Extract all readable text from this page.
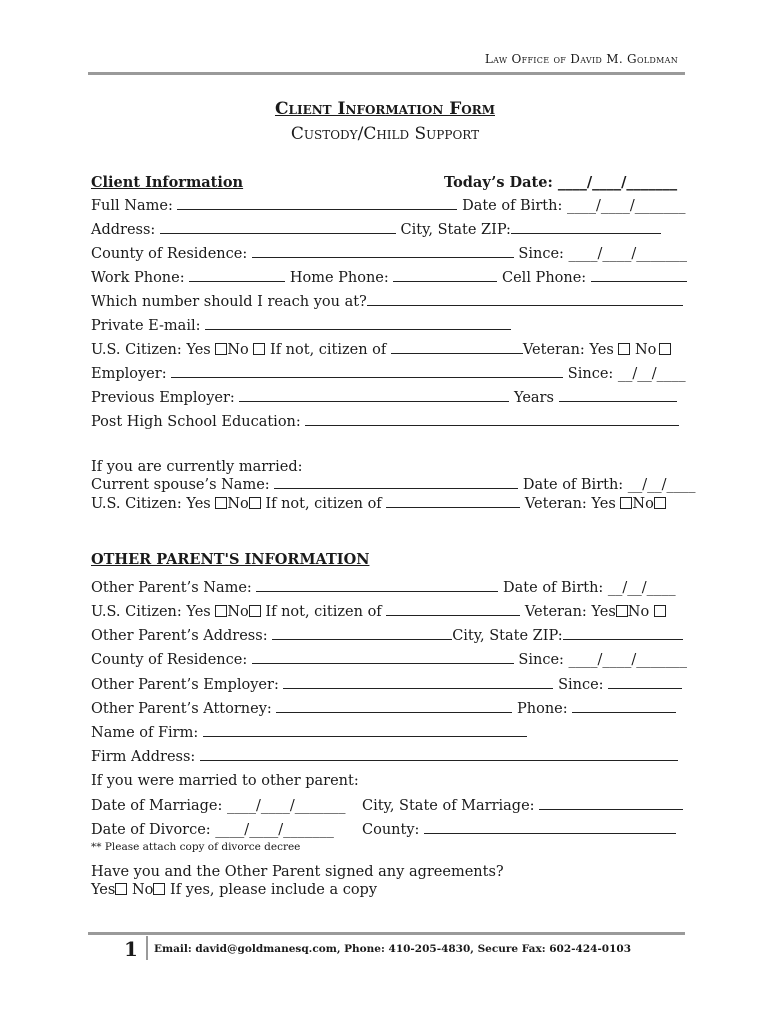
Law Office of David M. Goldman
Client Information Form
Custody/Child Support
Client Information	Today’s Date: ____/____/_______
Full Name:	Date of Birth: ____/____/_______
Address:	City, State ZIP:
County of Residence:	Since: ____/____/_______
Work Phone:	Home Phone:	Cell Phone:
Which number should I reach you at?
Private E-mail:
U.S. Citizen: Yes No If not, citizen of	Veteran: Yes No
Employer:	Since: __/__/____
Previous Employer:	Years
Post High School Education:
If you are currently married:
Current spouse’s Name:	Date of Birth: __/__/____
U.S. Citizen: Yes No If not, citizen of	Veteran: Yes No
OTHER PARENT'S INFORMATION
Other Parent’s Name:	Date of Birth: __/__/____
U.S. Citizen: Yes No If not, citizen of	Veteran: Yes No
Other Parent’s Address:	City, State ZIP:
County of Residence:	Since: ____/____/_______
Other Parent’s Employer:	Since:
Other Parent’s Attorney:	Phone:
Name of Firm:
Firm Address:
If you were married to other parent:
Date of Marriage: ____/____/_______ City, State of Marriage:
Date of Divorce: ____/____/_______ County:
** Please attach copy of divorce decree
Have you and the Other Parent signed any agreements?
Yes No If yes, please include a copy
1 Email: david@goldmanesq.com, Phone: 410-205-4830, Secure Fax: 602-424-0103
